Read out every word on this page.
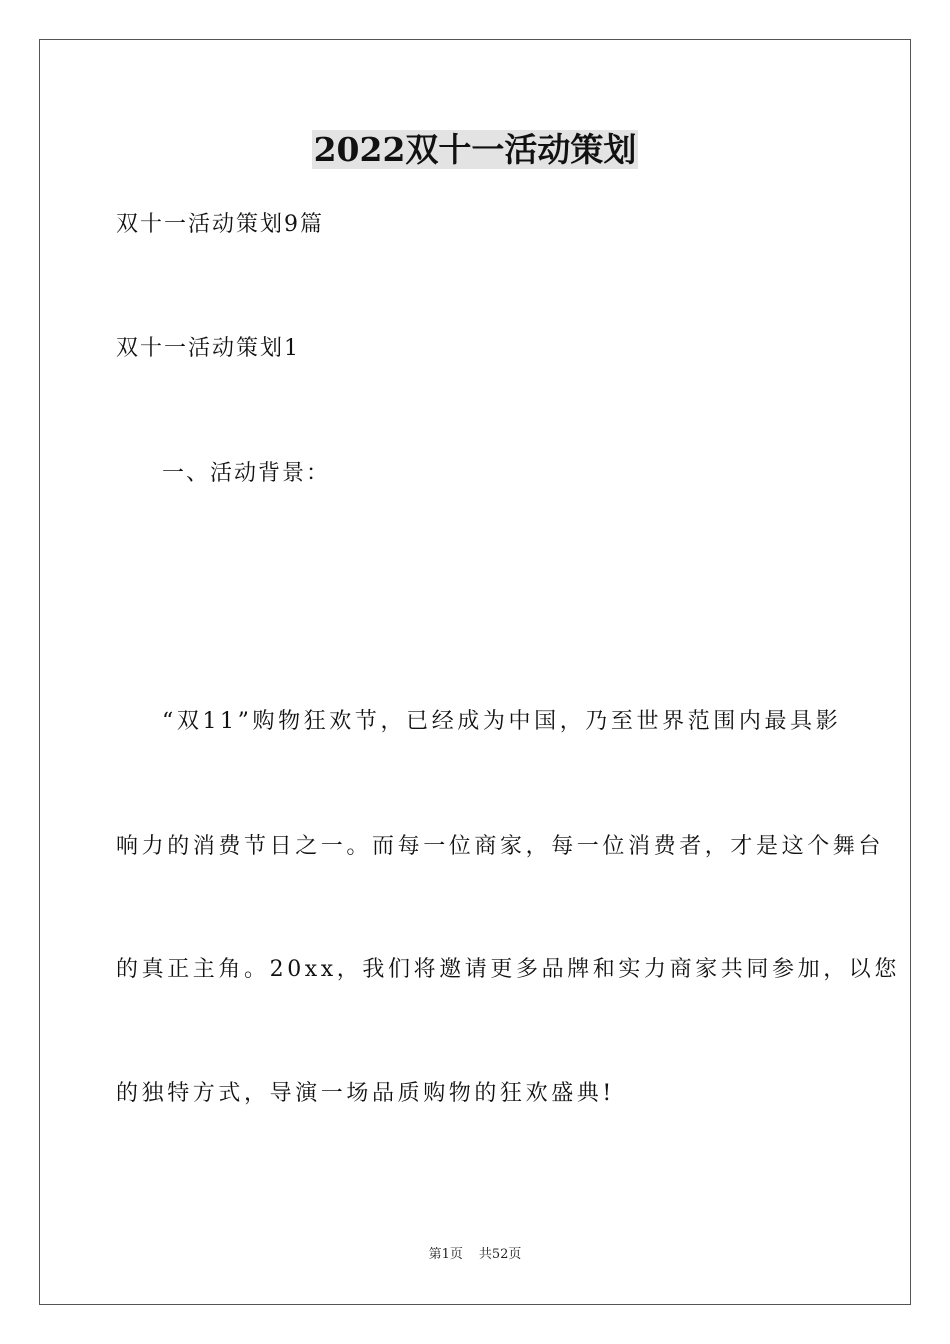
2022双十一活动策划
双十一活动策划9篇
双十一活动策划1
一、活动背景：
“双11”购物狂欢节，已经成为中国，乃至世界范围内最具影
响力的消费节日之一。而每一位商家，每一位消费者，才是这个舞台
的真正主角。20xx，我们将邀请更多品牌和实力商家共同参加，以您
的独特方式，导演一场品质购物的狂欢盛典!
第1页 共52页
